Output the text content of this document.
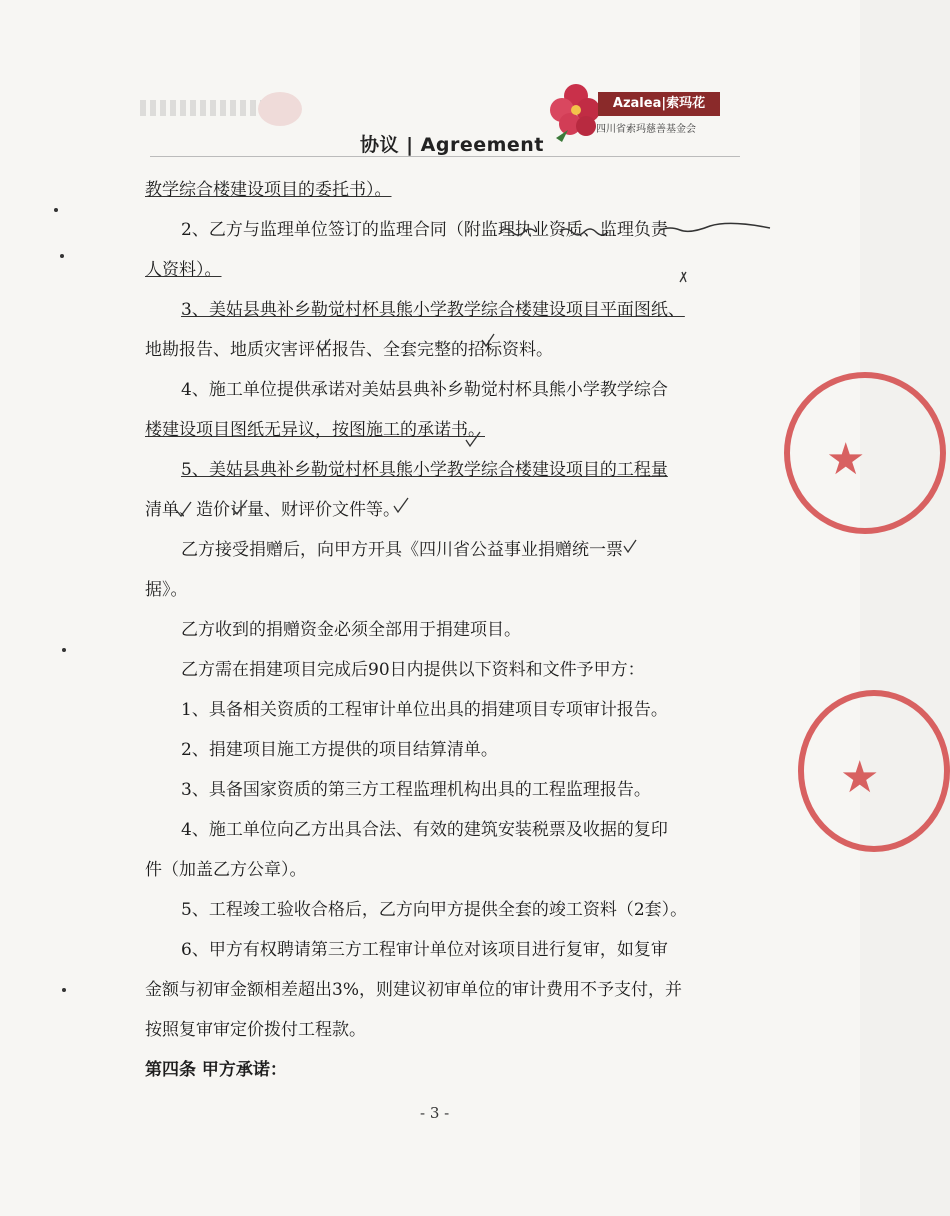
Azalea|索玛花
四川省索玛慈善基金会
协议 | Agreement
教学综合楼建设项目的委托书）。
2、乙方与监理单位签订的监理合同（附监理执业资质、监理负责
人资料）。
3、美姑县典补乡勒觉村杯具熊小学教学综合楼建设项目平面图纸、
地勘报告、地质灾害评估报告、全套完整的招标资料。
4、施工单位提供承诺对美姑县典补乡勒觉村杯具熊小学教学综合
楼建设项目图纸无异议，按图施工的承诺书。
5、美姑县典补乡勒觉村杯具熊小学教学综合楼建设项目的工程量
清单、造价计量、财评价文件等。
乙方接受捐赠后，向甲方开具《四川省公益事业捐赠统一票
据》。
乙方收到的捐赠资金必须全部用于捐建项目。
乙方需在捐建项目完成后90日内提供以下资料和文件予甲方：
1、具备相关资质的工程审计单位出具的捐建项目专项审计报告。
2、捐建项目施工方提供的项目结算清单。
3、具备国家资质的第三方工程监理机构出具的工程监理报告。
4、施工单位向乙方出具合法、有效的建筑安装税票及收据的复印
件（加盖乙方公章）。
5、工程竣工验收合格后，乙方向甲方提供全套的竣工资料（2套）。
6、甲方有权聘请第三方工程审计单位对该项目进行复审，如复审
金额与初审金额相差超出3%，则建议初审单位的审计费用不予支付，并
按照复审审定价拨付工程款。
第四条 甲方承诺：
★
★
- 3 -
